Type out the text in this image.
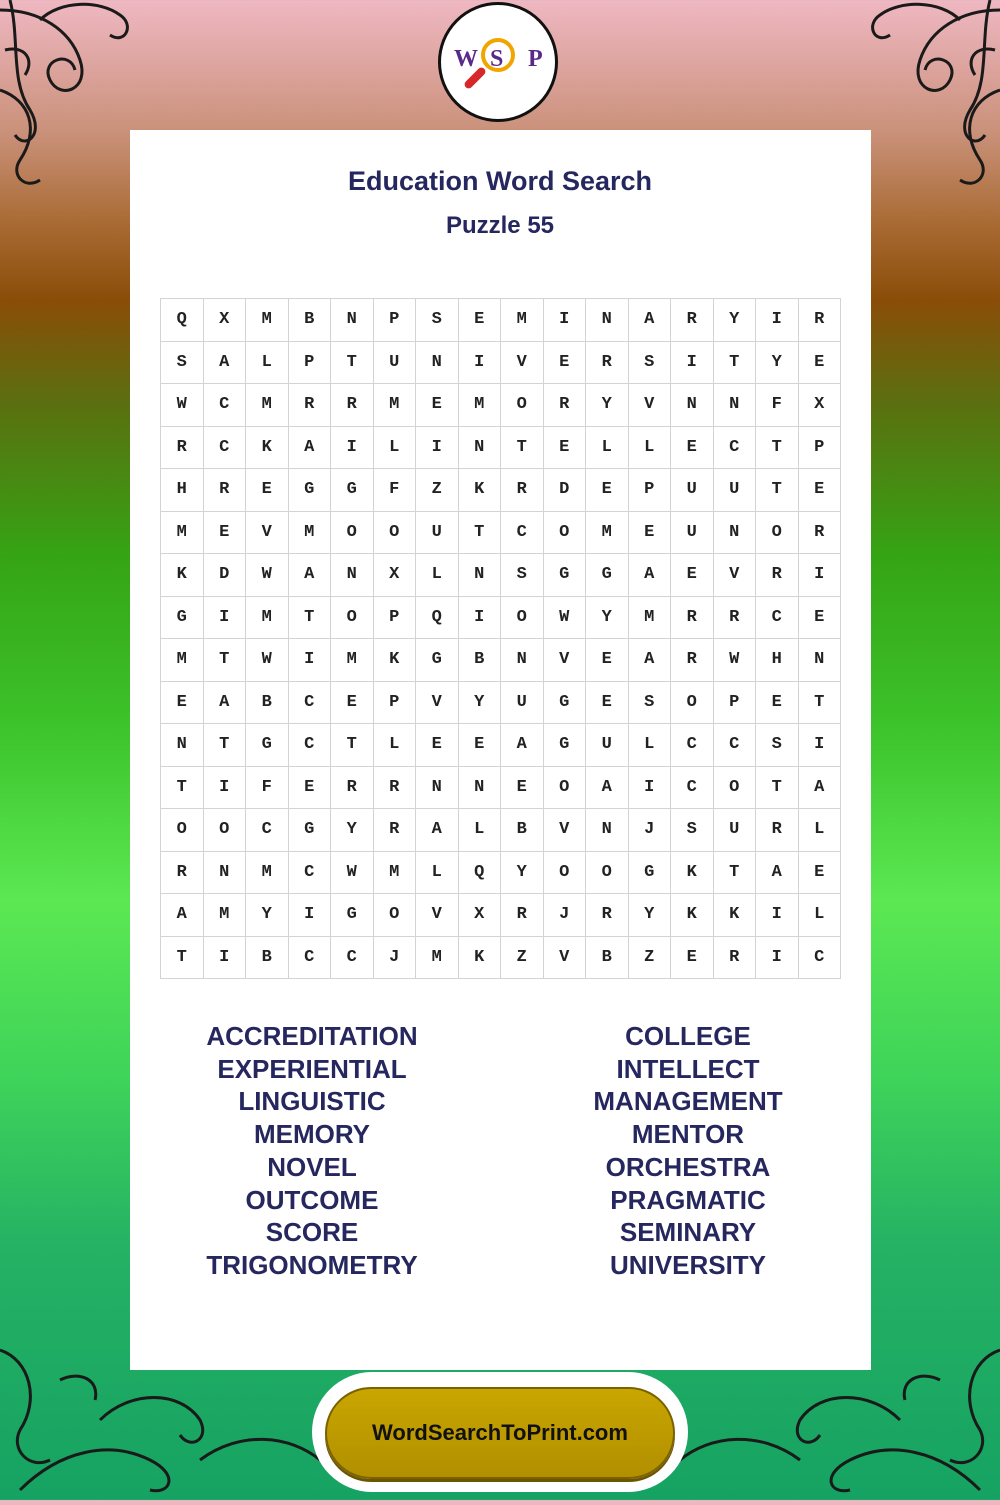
W S P
Education Word Search
Puzzle 55
Q	X	M	B	N	P	S	E	M	I	N	A	R	Y	I	R
S	A	L	P	T	U	N	I	V	E	R	S	I	T	Y	E
W	C	M	R	R	M	E	M	O	R	Y	V	N	N	F	X
R	C	K	A	I	L	I	N	T	E	L	L	E	C	T	P
H	R	E	G	G	F	Z	K	R	D	E	P	U	U	T	E
M	E	V	M	O	O	U	T	C	O	M	E	U	N	O	R
K	D	W	A	N	X	L	N	S	G	G	A	E	V	R	I
G	I	M	T	O	P	Q	I	O	W	Y	M	R	R	C	E
M	T	W	I	M	K	G	B	N	V	E	A	R	W	H	N
E	A	B	C	E	P	V	Y	U	G	E	S	O	P	E	T
N	T	G	C	T	L	E	E	A	G	U	L	C	C	S	I
T	I	F	E	R	R	N	N	E	O	A	I	C	O	T	A
O	O	C	G	Y	R	A	L	B	V	N	J	S	U	R	L
R	N	M	C	W	M	L	Q	Y	O	O	G	K	T	A	E
A	M	Y	I	G	O	V	X	R	J	R	Y	K	K	I	L
T	I	B	C	C	J	M	K	Z	V	B	Z	E	R	I	C
ACCREDITATION
EXPERIENTIAL
LINGUISTIC
MEMORY
NOVEL
OUTCOME
SCORE
TRIGONOMETRY
COLLEGE
INTELLECT
MANAGEMENT
MENTOR
ORCHESTRA
PRAGMATIC
SEMINARY
UNIVERSITY
WordSearchToPrint.com
